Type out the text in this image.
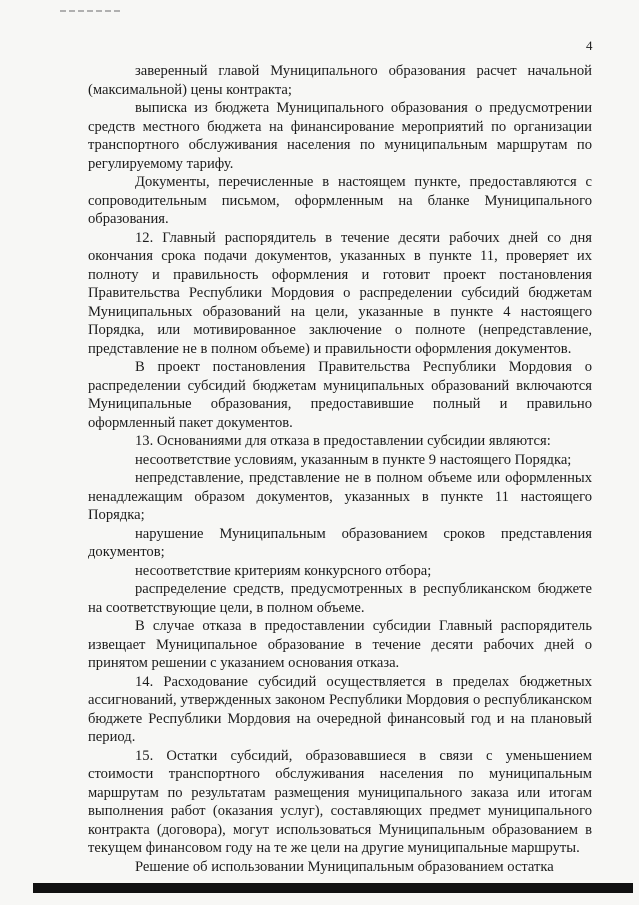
4

заверенный главой Муниципального образования расчет начальной (максимальной) цены контракта;

выписка из бюджета Муниципального образования о предусмотрении средств местного бюджета на финансирование мероприятий по организации транспортного обслуживания населения по муниципальным маршрутам по регулируемому тарифу.

Документы, перечисленные в настоящем пункте, предоставляются с сопроводительным письмом, оформленным на бланке Муниципального образования.

12. Главный распорядитель в течение десяти рабочих дней со дня окончания срока подачи документов, указанных в пункте 11, проверяет их полноту и правильность оформления и готовит проект постановления Правительства Республики Мордовия о распределении субсидий бюджетам Муниципальных образований на цели, указанные в пункте 4 настоящего Порядка, или мотивированное заключение о полноте (непредставление, представление не в полном объеме) и правильности оформления документов.

В проект постановления Правительства Республики Мордовия о распределении субсидий бюджетам муниципальных образований включаются Муниципальные образования, предоставившие полный и правильно оформленный пакет документов.

13. Основаниями для отказа в предоставлении субсидии являются:

несоответствие условиям, указанным в пункте 9 настоящего Порядка;

непредставление, представление не в полном объеме или оформленных ненадлежащим образом документов, указанных в пункте 11 настоящего Порядка;

нарушение Муниципальным образованием сроков представления документов;

несоответствие критериям конкурсного отбора;

распределение средств, предусмотренных в республиканском бюджете на соответствующие цели, в полном объеме.

В случае отказа в предоставлении субсидии Главный распорядитель извещает Муниципальное образование в течение десяти рабочих дней о принятом решении с указанием основания отказа.

14. Расходование субсидий осуществляется в пределах бюджетных ассигнований, утвержденных законом Республики Мордовия о республиканском бюджете Республики Мордовия на очередной финансовый год и на плановый период.

15. Остатки субсидий, образовавшиеся в связи с уменьшением стоимости транспортного обслуживания населения по муниципальным маршрутам по результатам размещения муниципального заказа или итогам выполнения работ (оказания услуг), составляющих предмет муниципального контракта (договора), могут использоваться Муниципальным образованием в текущем финансовом году на те же цели на другие муниципальные маршруты.

Решение об использовании Муниципальным образованием остатка
